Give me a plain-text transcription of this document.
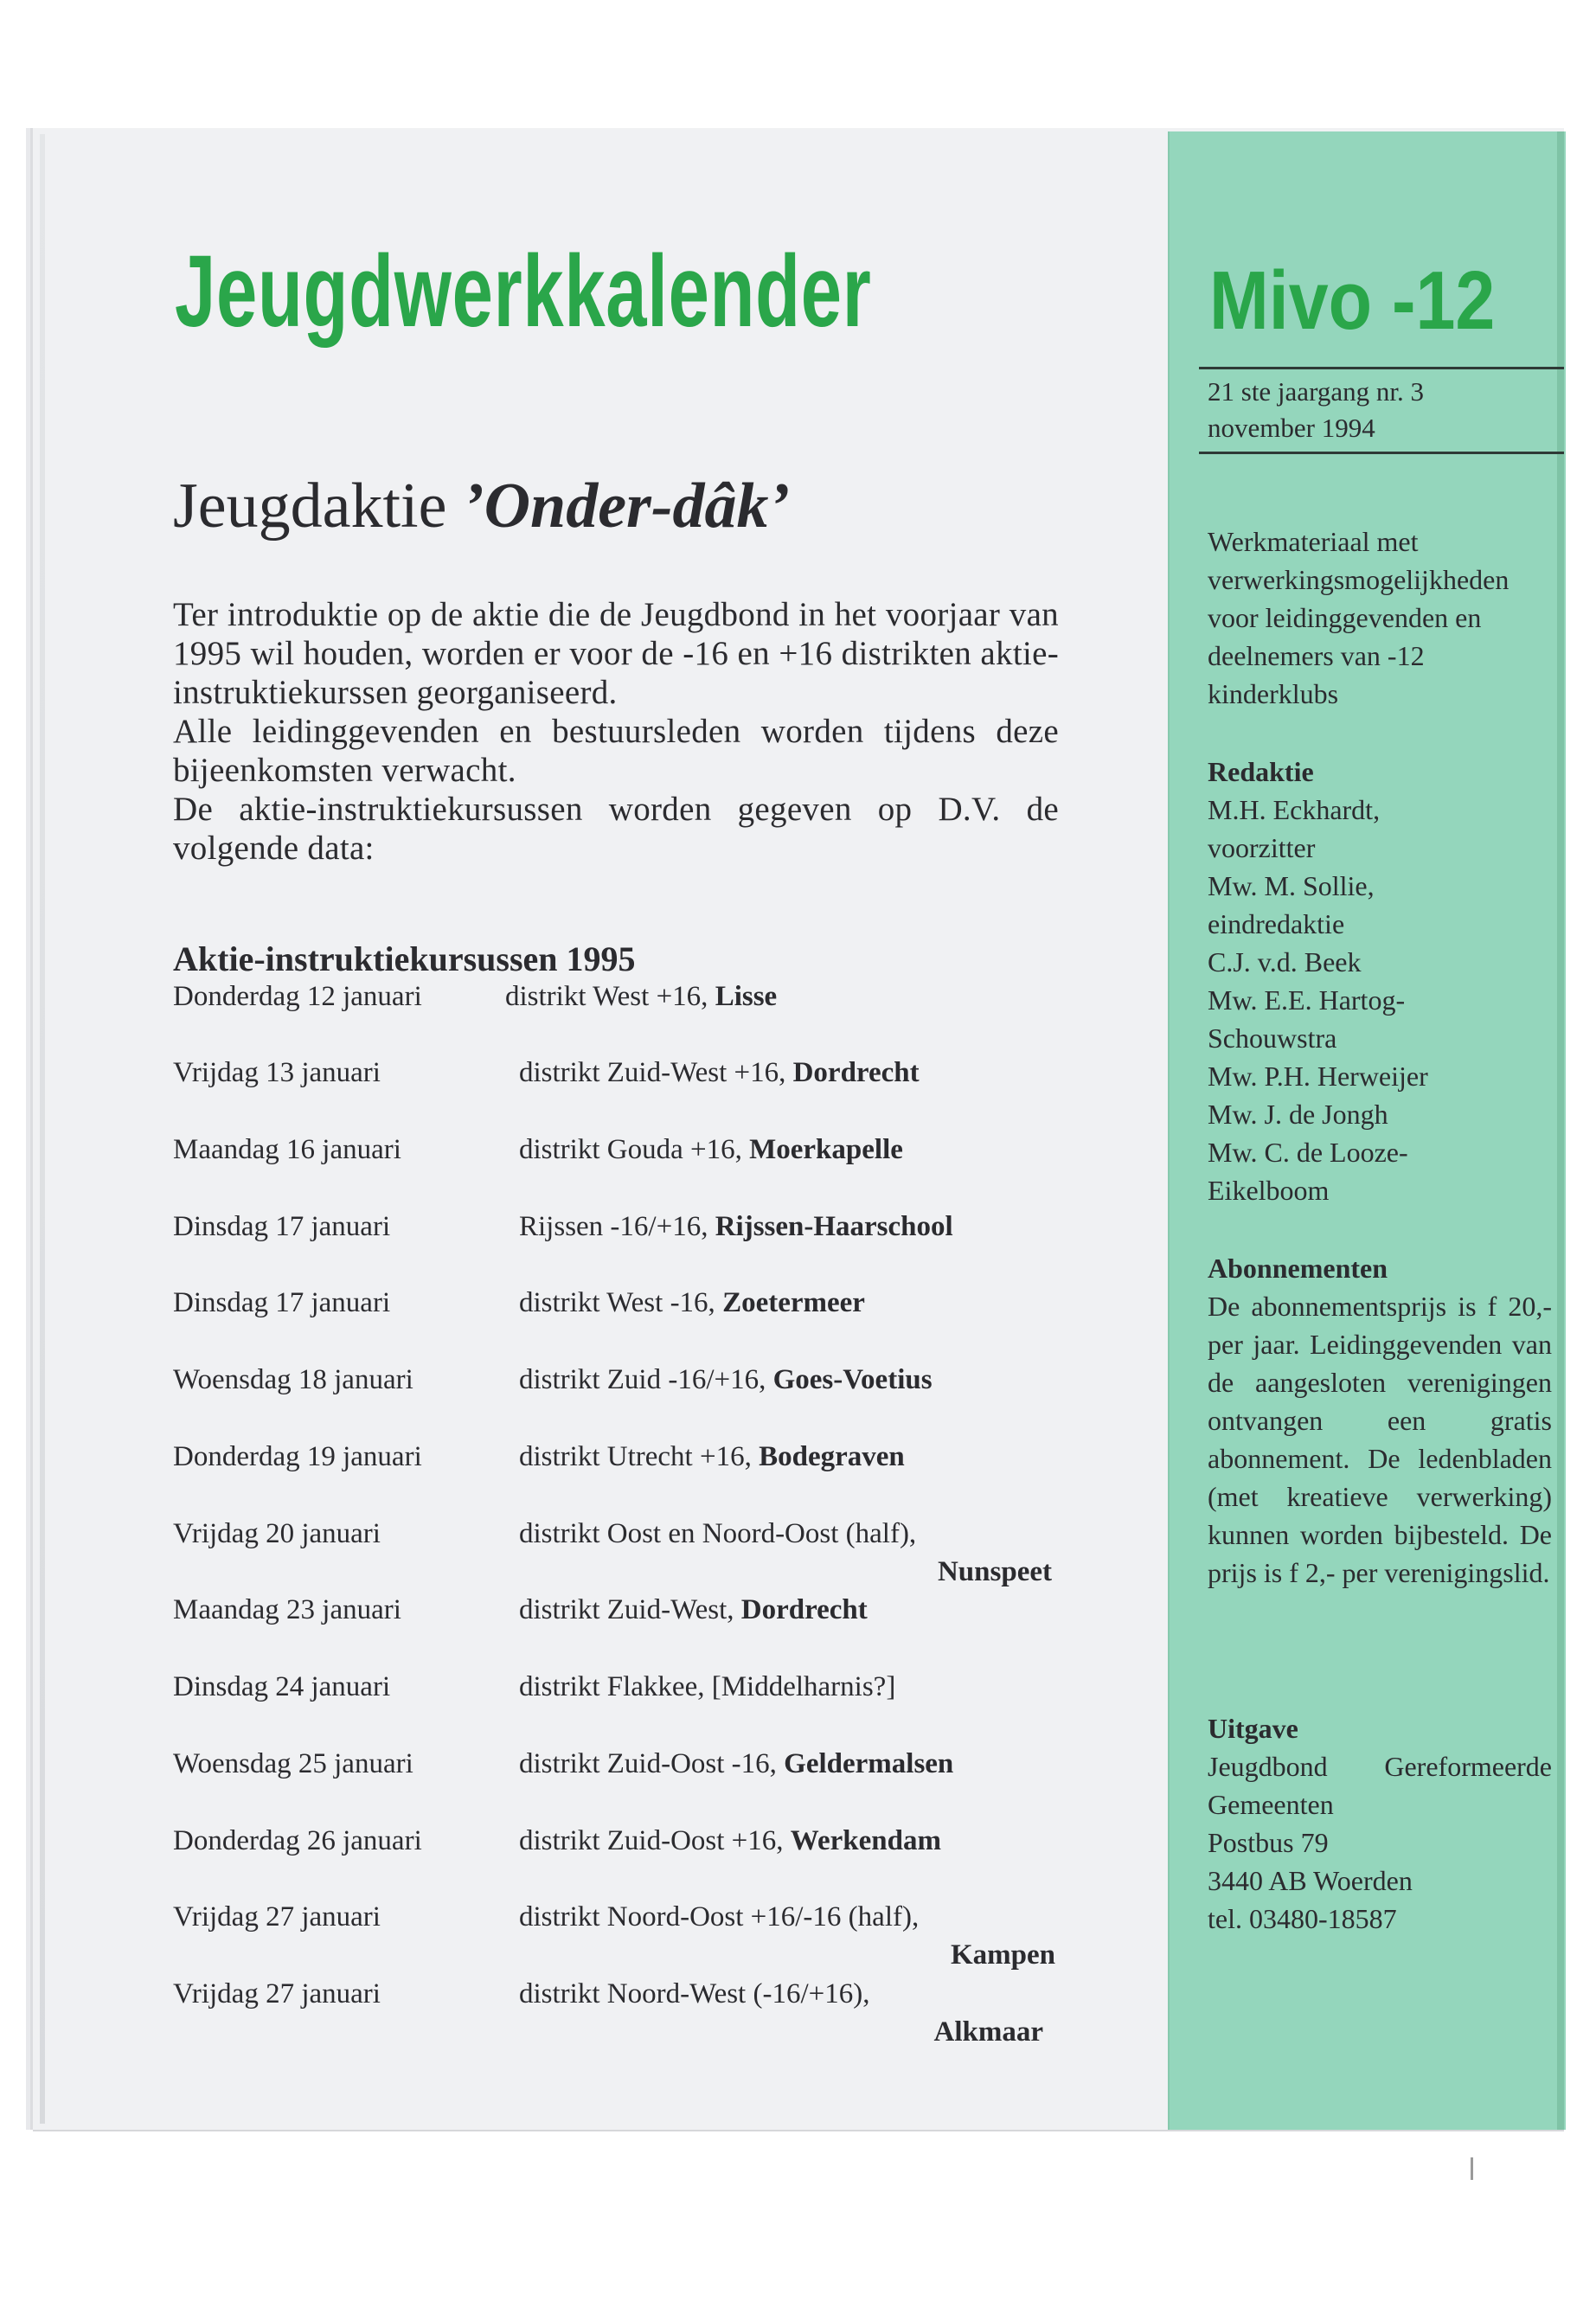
Jeugdwerkkalender	Mivo -12
21 ste jaargang nr. 3
november 1994
Jeugdaktie ’Onder-dâk’

Ter introduktie op de aktie die de Jeugdbond in het voorjaar van 1995 wil houden, worden er voor de -16 en +16 distrikten aktie-instruktiekurssen georganiseerd.

Alle leidinggevenden en bestuursleden worden tijdens deze bijeenkomsten verwacht.

De aktie-instruktiekursussen worden gegeven op D.V. de volgende data:

Aktie-instruktiekursussen 1995
Donderdag 12 januari	distrikt West +16, Lisse
Vrijdag 13 januari	distrikt Zuid-West +16, Dordrecht
Maandag 16 januari	distrikt Gouda +16, Moerkapelle
Dinsdag 17 januari	Rijssen -16/+16, Rijssen-Haarschool
Dinsdag 17 januari	distrikt West -16, Zoetermeer
Woensdag 18 januari	distrikt Zuid -16/+16, Goes-Voetius
Donderdag 19 januari	distrikt Utrecht +16, Bodegraven
Vrijdag 20 januari	distrikt Oost en Noord-Oost (half),
Nunspeet
Maandag 23 januari	distrikt Zuid-West, Dordrecht
Dinsdag 24 januari	distrikt Flakkee, [Middelharnis?]
Woensdag 25 januari	distrikt Zuid-Oost -16, Geldermalsen
Donderdag 26 januari	distrikt Zuid-Oost +16, Werkendam
Vrijdag 27 januari	distrikt Noord-Oost +16/-16 (half),
Kampen
Vrijdag 27 januari	distrikt Noord-West (-16/+16),
Alkmaar
Werkmateriaal met verwerkingsmogelijkheden voor leidinggevenden en deelnemers van -12 kinderklubs
Redaktie
M.H. Eckhardt,
voorzitter
Mw. M. Sollie,
eindredaktie
C.J. v.d. Beek
Mw. E.E. Hartog-
Schouwstra
Mw. P.H. Herweijer
Mw. J. de Jongh
Mw. C. de Looze-
Eikelboom
Abonnementen
De abonnementsprijs is f 20,- per jaar. Leidinggevenden van de aangesloten verenigingen ontvangen een gratis abonnement. De ledenbladen (met kreatieve verwerking) kunnen worden bijbesteld. De prijs is f 2,- per verenigingslid.
Uitgave
Jeugdbond Gereformeerde Gemeenten
Postbus 79
3440 AB Woerden
tel. 03480-18587
